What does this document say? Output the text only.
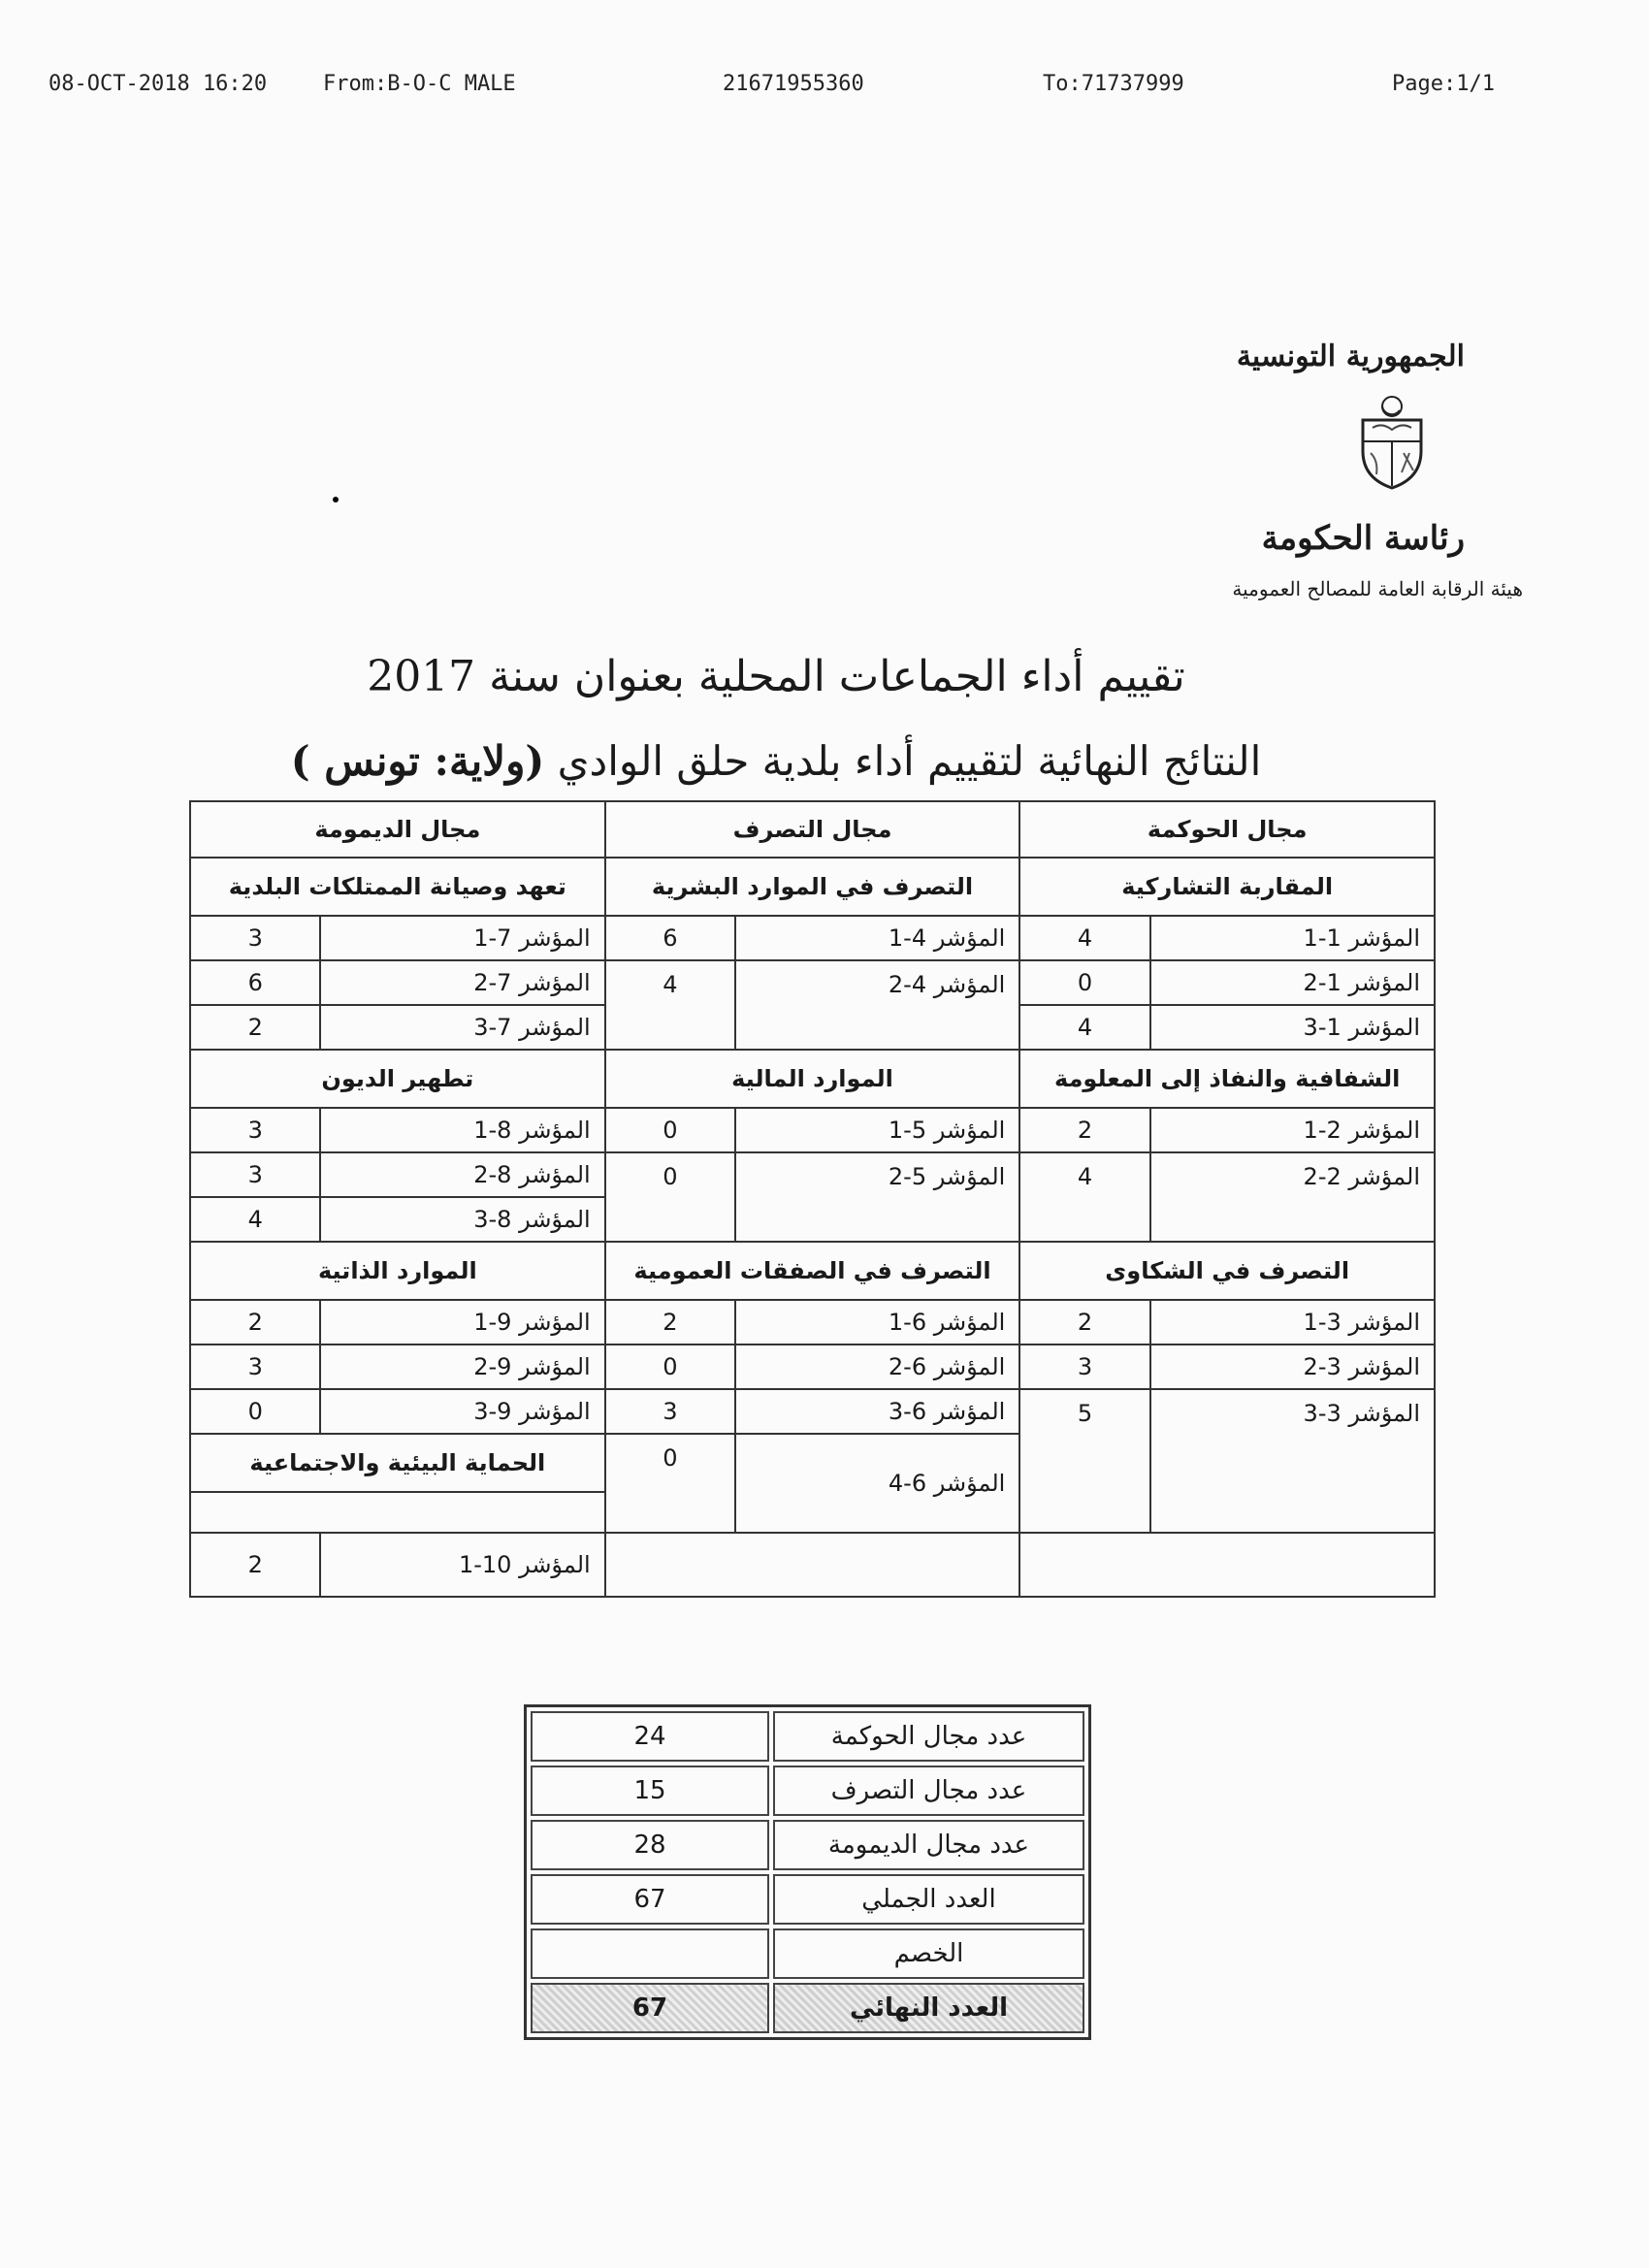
08-OCT-2018 16:20	From:B-O-C MALE	21671955360	To:71737999	Page:1/1
الجمهورية التونسية
رئاسة الحكومة
هيئة الرقابة العامة للمصالح العمومية
تقييم أداء الجماعات المحلية بعنوان سنة 2017
النتائج النهائية لتقييم أداء بلدية حلق الوادي (ولاية: تونس )
مجال الحوكمة		مجال التصرف		مجال الديمومة	
المقاربة التشاركية		التصرف في الموارد البشرية		تعهد وصيانة الممتلكات البلدية	
المؤشر 1-1	4	المؤشر 4-1	6	المؤشر 7-1	3
المؤشر 1-2	0	المؤشر 4-2	4	المؤشر 7-2	6
المؤشر 1-3	4			المؤشر 7-3	2
الشفافية والنفاذ إلى المعلومة		الموارد المالية		تطهير الديون	
المؤشر 2-1	2	المؤشر 5-1	0	المؤشر 8-1	3
المؤشر 2-2	4	المؤشر 5-2	0	المؤشر 8-2	3
				المؤشر 8-3	4
التصرف في الشكاوى		التصرف في الصفقات العمومية		الموارد الذاتية	
المؤشر 3-1	2	المؤشر 6-1	2	المؤشر 9-1	2
المؤشر 3-2	3	المؤشر 6-2	0	المؤشر 9-2	3
المؤشر 3-3	5	المؤشر 6-3	3	المؤشر 9-3	0
		المؤشر 6-4	0	الحماية البيئية والاجتماعية	

				المؤشر 10-1	2
عدد مجال الحوكمة	24
عدد مجال التصرف	15
عدد مجال الديمومة	28
العدد الجملي	67
الخصم	
العدد النهائي	67
